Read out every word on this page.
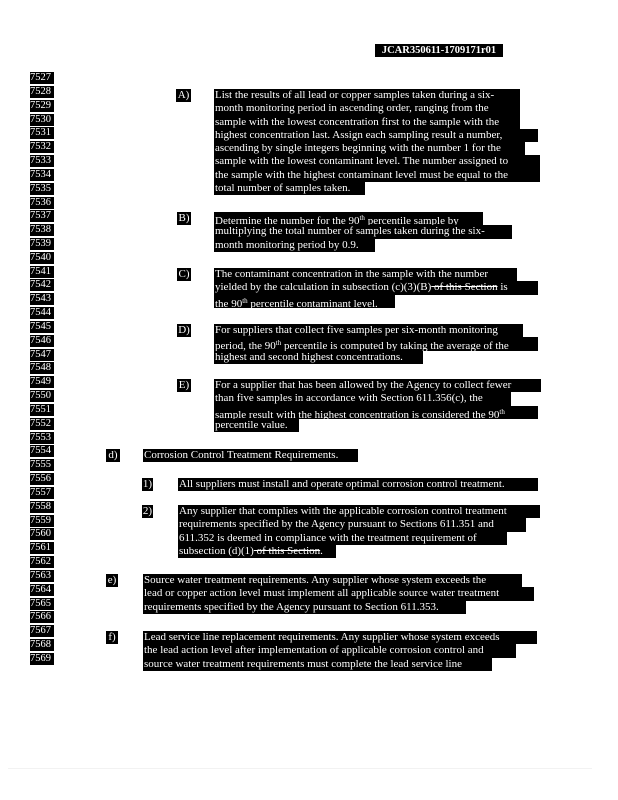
JCAR350611-1709171r01
7527
7528
7529
7530
7531
7532
7533
7534
7535
7536
7537
7538
7539
7540
7541
7542
7543
7544
7545
7546
7547
7548
7549
7550
7551
7552
7553
7554
7555
7556
7557
7558
7559
7560
7561
7562
7563
7564
7565
7566
7567
7568
7569
A) List the results of all lead or copper samples taken during a six-
month monitoring period in ascending order, ranging from the
sample with the lowest concentration first to the sample with the
highest concentration last. Assign each sampling result a number,
ascending by single integers beginning with the number 1 for the
sample with the lowest contaminant level. The number assigned to
the sample with the highest contaminant level must be equal to the
total number of samples taken.
B) Determine the number for the 90th percentile sample by
multiplying the total number of samples taken during the six-
month monitoring period by 0.9.
C) The contaminant concentration in the sample with the number
yielded by the calculation in subsection (c)(3)(B) of this Section is
the 90th percentile contaminant level.
D) For suppliers that collect five samples per six-month monitoring
period, the 90th percentile is computed by taking the average of the
highest and second highest concentrations.
E) For a supplier that has been allowed by the Agency to collect fewer
than five samples in accordance with Section 611.356(c), the
sample result with the highest concentration is considered the 90th
percentile value.
d) Corrosion Control Treatment Requirements.
1) All suppliers must install and operate optimal corrosion control treatment.
2) Any supplier that complies with the applicable corrosion control treatment
requirements specified by the Agency pursuant to Sections 611.351 and
611.352 is deemed in compliance with the treatment requirement of
subsection (d)(1) of this Section.
e)	Source water treatment requirements. Any supplier whose system exceeds the
lead or copper action level must implement all applicable source water treatment
requirements specified by the Agency pursuant to Section 611.353.
f)	Lead service line replacement requirements. Any supplier whose system exceeds
the lead action level after implementation of applicable corrosion control and
source water treatment requirements must complete the lead service line
